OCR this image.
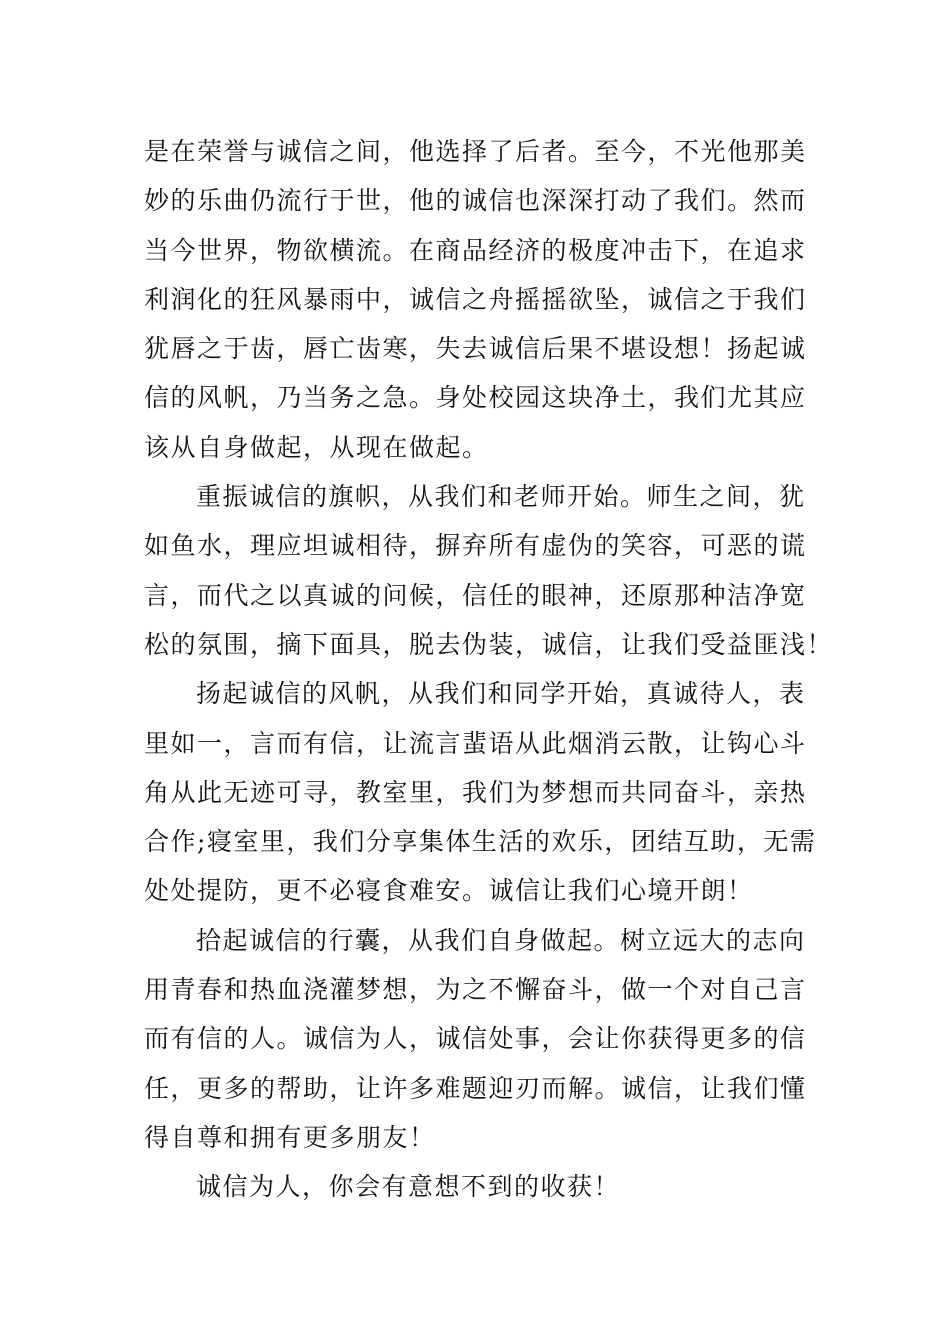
是在荣誉与诚信之间，他选择了后者。至今，不光他那美
妙的乐曲仍流行于世，他的诚信也深深打动了我们。然而
当今世界，物欲横流。在商品经济的极度冲击下，在追求
利润化的狂风暴雨中，诚信之舟摇摇欲坠，诚信之于我们
犹唇之于齿，唇亡齿寒，失去诚信后果不堪设想！扬起诚
信的风帆，乃当务之急。身处校园这块净土，我们尤其应
该从自身做起，从现在做起。
重振诚信的旗帜，从我们和老师开始。师生之间，犹
如鱼水，理应坦诚相待，摒弃所有虚伪的笑容，可恶的谎
言，而代之以真诚的问候，信任的眼神，还原那种洁净宽
松的氛围，摘下面具，脱去伪装，诚信，让我们受益匪浅！
扬起诚信的风帆，从我们和同学开始，真诚待人，表
里如一，言而有信，让流言蜚语从此烟消云散，让钩心斗
角从此无迹可寻，教室里，我们为梦想而共同奋斗，亲热
合作;寝室里，我们分享集体生活的欢乐，团结互助，无需
处处提防，更不必寝食难安。诚信让我们心境开朗！
拾起诚信的行囊，从我们自身做起。树立远大的志向
用青春和热血浇灌梦想，为之不懈奋斗，做一个对自己言
而有信的人。诚信为人，诚信处事，会让你获得更多的信
任，更多的帮助，让许多难题迎刃而解。诚信，让我们懂
得自尊和拥有更多朋友！
诚信为人，你会有意想不到的收获！
